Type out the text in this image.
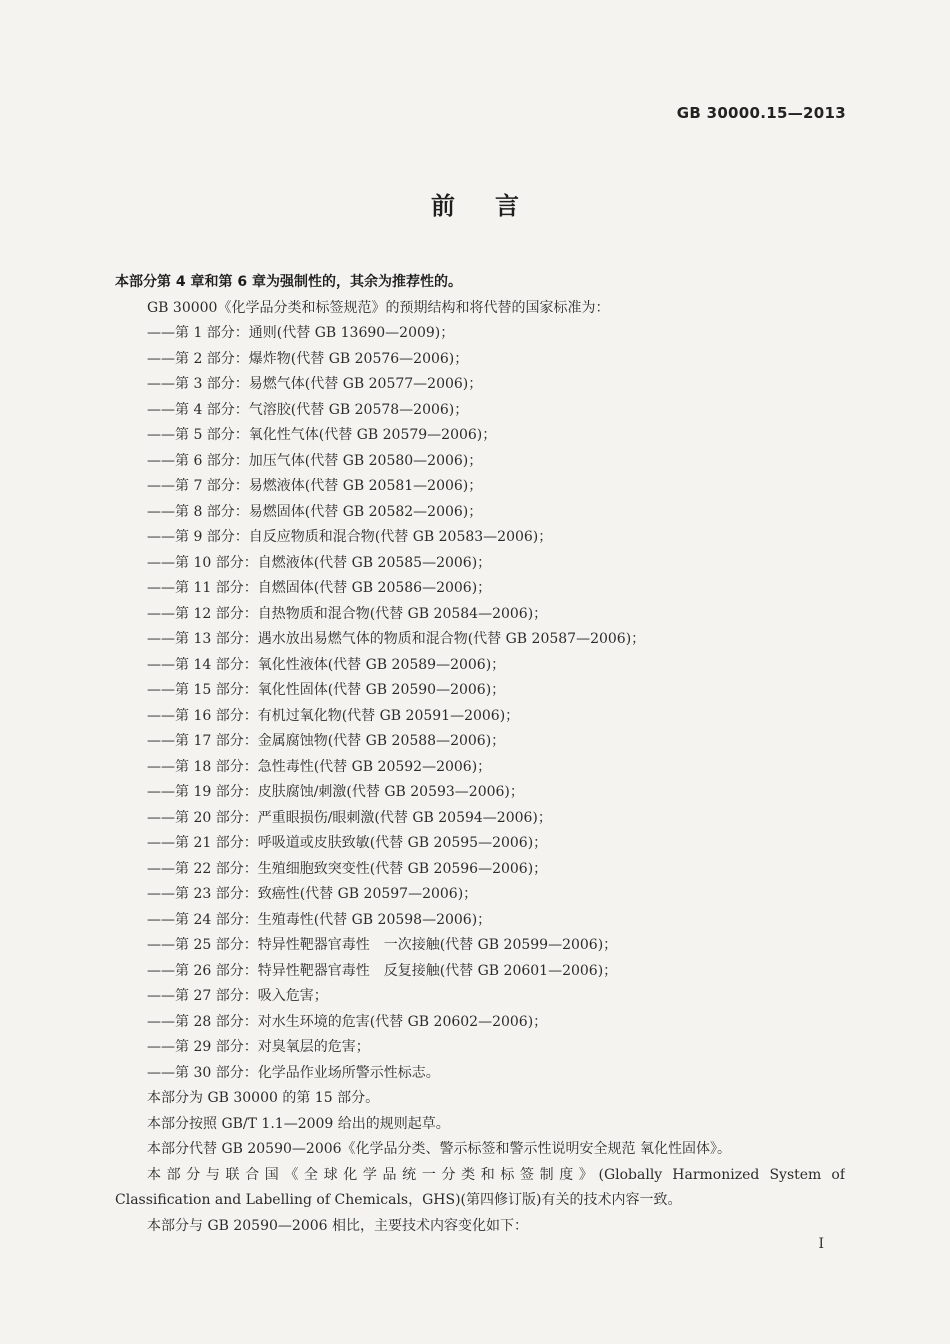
GB 30000.15—2013
前言

本部分第 4 章和第 6 章为强制性的，其余为推荐性的。

GB 30000《化学品分类和标签规范》的预期结构和将代替的国家标准为：

——第 1 部分：通则(代替 GB 13690—2009)；

——第 2 部分：爆炸物(代替 GB 20576—2006)；

——第 3 部分：易燃气体(代替 GB 20577—2006)；

——第 4 部分：气溶胶(代替 GB 20578—2006)；

——第 5 部分：氧化性气体(代替 GB 20579—2006)；

——第 6 部分：加压气体(代替 GB 20580—2006)；

——第 7 部分：易燃液体(代替 GB 20581—2006)；

——第 8 部分：易燃固体(代替 GB 20582—2006)；

——第 9 部分：自反应物质和混合物(代替 GB 20583—2006)；

——第 10 部分：自燃液体(代替 GB 20585—2006)；

——第 11 部分：自燃固体(代替 GB 20586—2006)；

——第 12 部分：自热物质和混合物(代替 GB 20584—2006)；

——第 13 部分：遇水放出易燃气体的物质和混合物(代替 GB 20587—2006)；

——第 14 部分：氧化性液体(代替 GB 20589—2006)；

——第 15 部分：氧化性固体(代替 GB 20590—2006)；

——第 16 部分：有机过氧化物(代替 GB 20591—2006)；

——第 17 部分：金属腐蚀物(代替 GB 20588—2006)；

——第 18 部分：急性毒性(代替 GB 20592—2006)；

——第 19 部分：皮肤腐蚀/刺激(代替 GB 20593—2006)；

——第 20 部分：严重眼损伤/眼刺激(代替 GB 20594—2006)；

——第 21 部分：呼吸道或皮肤致敏(代替 GB 20595—2006)；

——第 22 部分：生殖细胞致突变性(代替 GB 20596—2006)；

——第 23 部分：致癌性(代替 GB 20597—2006)；

——第 24 部分：生殖毒性(代替 GB 20598—2006)；

——第 25 部分：特异性靶器官毒性　一次接触(代替 GB 20599—2006)；

——第 26 部分：特异性靶器官毒性　反复接触(代替 GB 20601—2006)；

——第 27 部分：吸入危害；

——第 28 部分：对水生环境的危害(代替 GB 20602—2006)；

——第 29 部分：对臭氧层的危害；

——第 30 部分：化学品作业场所警示性标志。

本部分为 GB 30000 的第 15 部分。

本部分按照 GB/T 1.1—2009 给出的规则起草。

本部分代替 GB 20590—2006《化学品分类、警示标签和警示性说明安全规范 氧化性固体》。

本部分与联合国《全球化学品统一分类和标签制度》(Globally Harmonized System of

Classification and Labelling of Chemicals，GHS)(第四修订版)有关的技术内容一致。

本部分与 GB 20590—2006 相比，主要技术内容变化如下：

I
